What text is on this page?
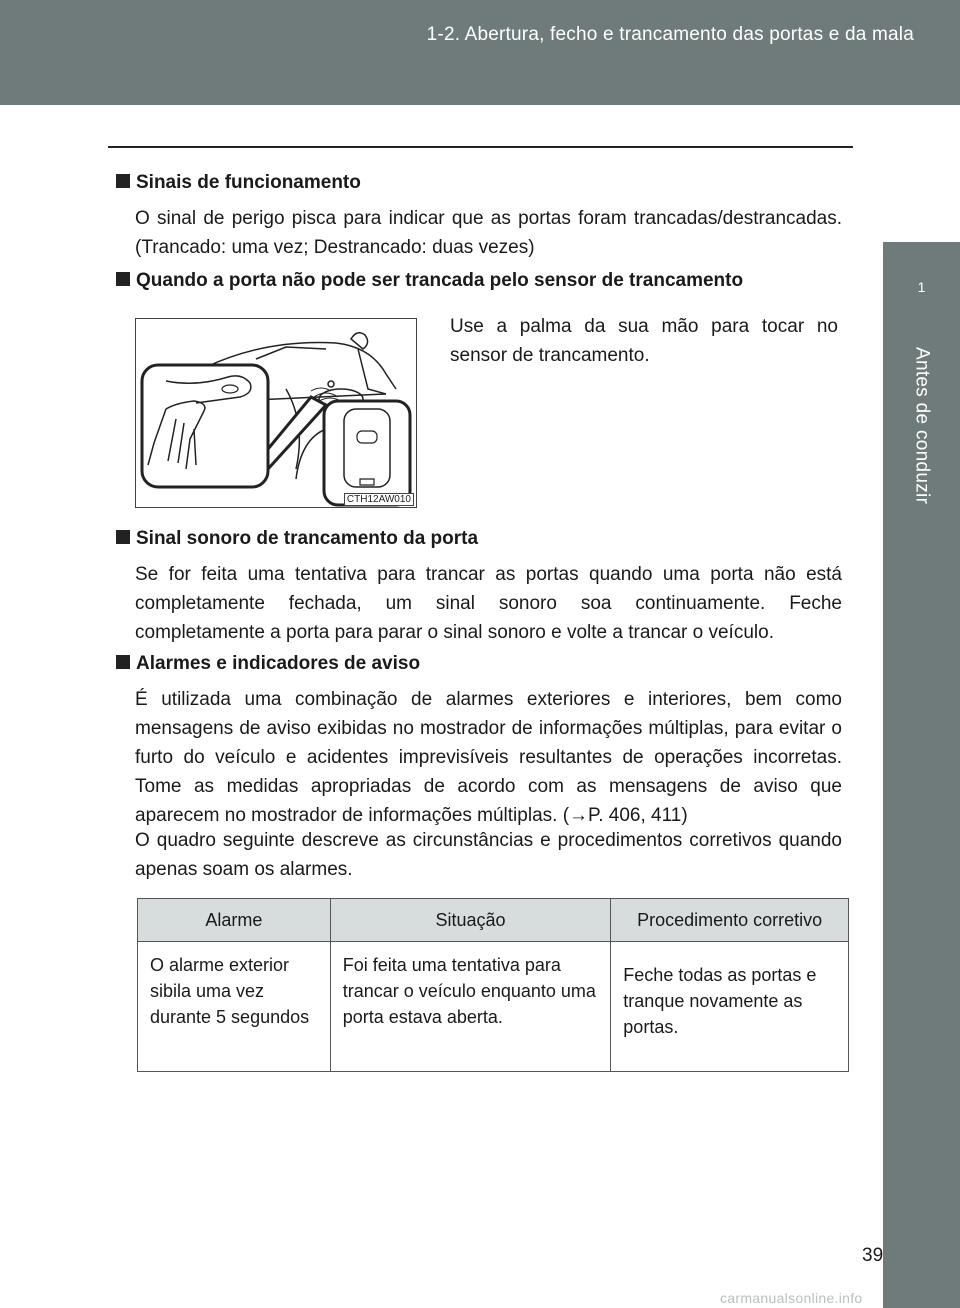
1-2. Abertura, fecho e trancamento das portas e da mala
1
Antes de conduzir
Sinais de funcionamento
O sinal de perigo pisca para indicar que as portas foram trancadas/destrancadas. (Trancado: uma vez; Destrancado: duas vezes)
Quando a porta não pode ser trancada pelo sensor de trancamento
CTH12AW010
Use a palma da sua mão para tocar no sensor de trancamento.
Sinal sonoro de trancamento da porta
Se for feita uma tentativa para trancar as portas quando uma porta não está completamente fechada, um sinal sonoro soa continuamente. Feche completamente a porta para parar o sinal sonoro e volte a trancar o veículo.
Alarmes e indicadores de aviso
É utilizada uma combinação de alarmes exteriores e interiores, bem como mensagens de aviso exibidas no mostrador de informações múltiplas, para evitar o furto do veículo e acidentes imprevisíveis resultantes de operações incorretas. Tome as medidas apropriadas de acordo com as mensagens de aviso que aparecem no mostrador de informações múltiplas. (→P. 406, 411)
O quadro seguinte descreve as circunstâncias e procedimentos corretivos quando apenas soam os alarmes.
Alarme	Situação	Procedimento corretivo
O alarme exterior sibila uma vez durante 5 segundos	Foi feita uma tentativa para trancar o veículo enquanto uma porta estava aberta.	Feche todas as portas e tranque novamente as portas.
39
carmanualsonline.info
